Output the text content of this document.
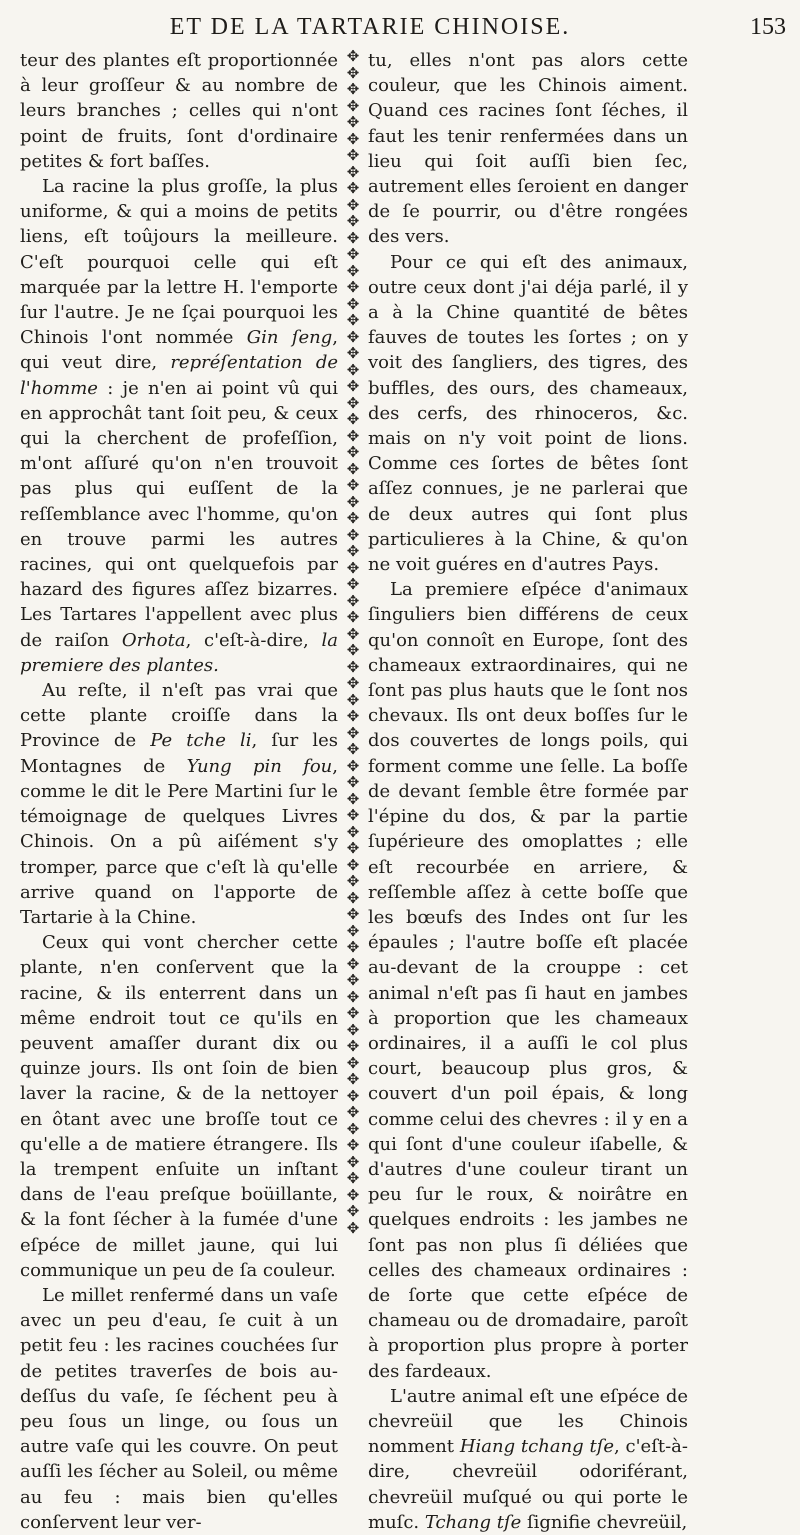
ET DE LA TARTARIE CHINOISE.	153

teur des plantes eſt proportionnée à leur groſſeur & au nombre de leurs branches ; celles qui n'ont point de fruits, ſont d'ordinaire petites & fort baſſes.

La racine la plus groſſe, la plus uniforme, & qui a moins de petits liens, eſt toûjours la meilleure. C'eſt pourquoi celle qui eſt marquée par la lettre H. l'emporte ſur l'autre. Je ne ſçai pourquoi les Chinois l'ont nommée Gin ſeng, qui veut dire, repréſentation de l'homme : je n'en ai point vû qui en approchât tant ſoit peu, & ceux qui la cherchent de profeſſion, m'ont aſſuré qu'on n'en trouvoit pas plus qui euſſent de la reſſemblance avec l'homme, qu'on en trouve parmi les autres racines, qui ont quelquefois par hazard des figures aſſez bizarres. Les Tartares l'appellent avec plus de raiſon Orhota, c'eſt-à-dire, la premiere des plantes.

Au reſte, il n'eſt pas vrai que cette plante croiſſe dans la Province de Pe tche li, ſur les Montagnes de Yung pin fou, comme le dit le Pere Martini ſur le témoignage de quelques Livres Chinois. On a pû aiſément s'y tromper, parce que c'eſt là qu'elle arrive quand on l'apporte de Tartarie à la Chine.

Ceux qui vont chercher cette plante, n'en conſervent que la racine, & ils enterrent dans un même endroit tout ce qu'ils en peuvent amaſſer durant dix ou quinze jours. Ils ont ſoin de bien laver la racine, & de la nettoyer en ôtant avec une broſſe tout ce qu'elle a de matiere étrangere. Ils la trempent enſuite un inſtant dans de l'eau preſque boüillante, & la font ſécher à la fumée d'une eſpéce de millet jaune, qui lui communique un peu de ſa couleur.

Le millet renfermé dans un vaſe avec un peu d'eau, ſe cuit à un petit feu : les racines couchées ſur de petites traverſes de bois au-deſſus du vaſe, ſe ſéchent peu à peu ſous un linge, ou ſous un autre vaſe qui les couvre. On peut auſſi les ſécher au Soleil, ou même au feu : mais bien qu'elles conſervent leur ver-

✥
✥
✥
✥
✥
✥
✥
✥
✥
✥
✥
✥
✥
✥
✥
✥
✥
✥
✥
✥
✥
✥
✥
✥
✥
✥
✥
✥
✥
✥
✥
✥
✥
✥
✥
✥
✥
✥
✥
✥
✥
✥
✥
✥
✥
✥
✥
✥
✥
✥
✥
✥
✥
✥
✥
✥
✥
✥
✥
✥
✥
✥
✥
✥
✥
✥
✥
✥
✥
✥
✥
✥

tu, elles n'ont pas alors cette couleur, que les Chinois aiment. Quand ces racines ſont ſéches, il faut les tenir renfermées dans un lieu qui ſoit auſſi bien ſec, autrement elles ſeroient en danger de ſe pourrir, ou d'être rongées des vers.

Pour ce qui eſt des animaux, outre ceux dont j'ai déja parlé, il y a à la Chine quantité de bêtes fauves de toutes les ſortes ; on y voit des ſangliers, des tigres, des buffles, des ours, des chameaux, des cerfs, des rhinoceros, &c. mais on n'y voit point de lions. Comme ces ſortes de bêtes ſont aſſez connues, je ne parlerai que de deux autres qui ſont plus particulieres à la Chine, & qu'on ne voit guéres en d'autres Pays.

La premiere eſpéce d'animaux ſinguliers bien différens de ceux qu'on connoît en Europe, ſont des chameaux extraordinaires, qui ne ſont pas plus hauts que le ſont nos chevaux. Ils ont deux boſſes ſur le dos couvertes de longs poils, qui forment comme une ſelle. La boſſe de devant ſemble être formée par l'épine du dos, & par la partie ſupérieure des omoplattes ; elle eſt recourbée en arriere, & reſſemble aſſez à cette boſſe que les bœufs des Indes ont ſur les épaules ; l'autre boſſe eſt placée au-devant de la crouppe : cet animal n'eſt pas ſi haut en jambes à proportion que les chameaux ordinaires, il a auſſi le col plus court, beaucoup plus gros, & couvert d'un poil épais, & long comme celui des chevres : il y en a qui ſont d'une couleur iſabelle, & d'autres d'une couleur tirant un peu ſur le roux, & noirâtre en quelques endroits : les jambes ne ſont pas non plus ſi déliées que celles des chameaux ordinaires : de ſorte que cette eſpéce de chameau ou de dromadaire, paroît à proportion plus propre à porter des fardeaux.

L'autre animal eſt une eſpéce de chevreüil que les Chinois nomment Hiang tchang tſe, c'eſt-à-dire, chevreüil odoriférant, chevreüil muſqué ou qui porte le muſc. Tchang tſe ſignifie chevreüil,
